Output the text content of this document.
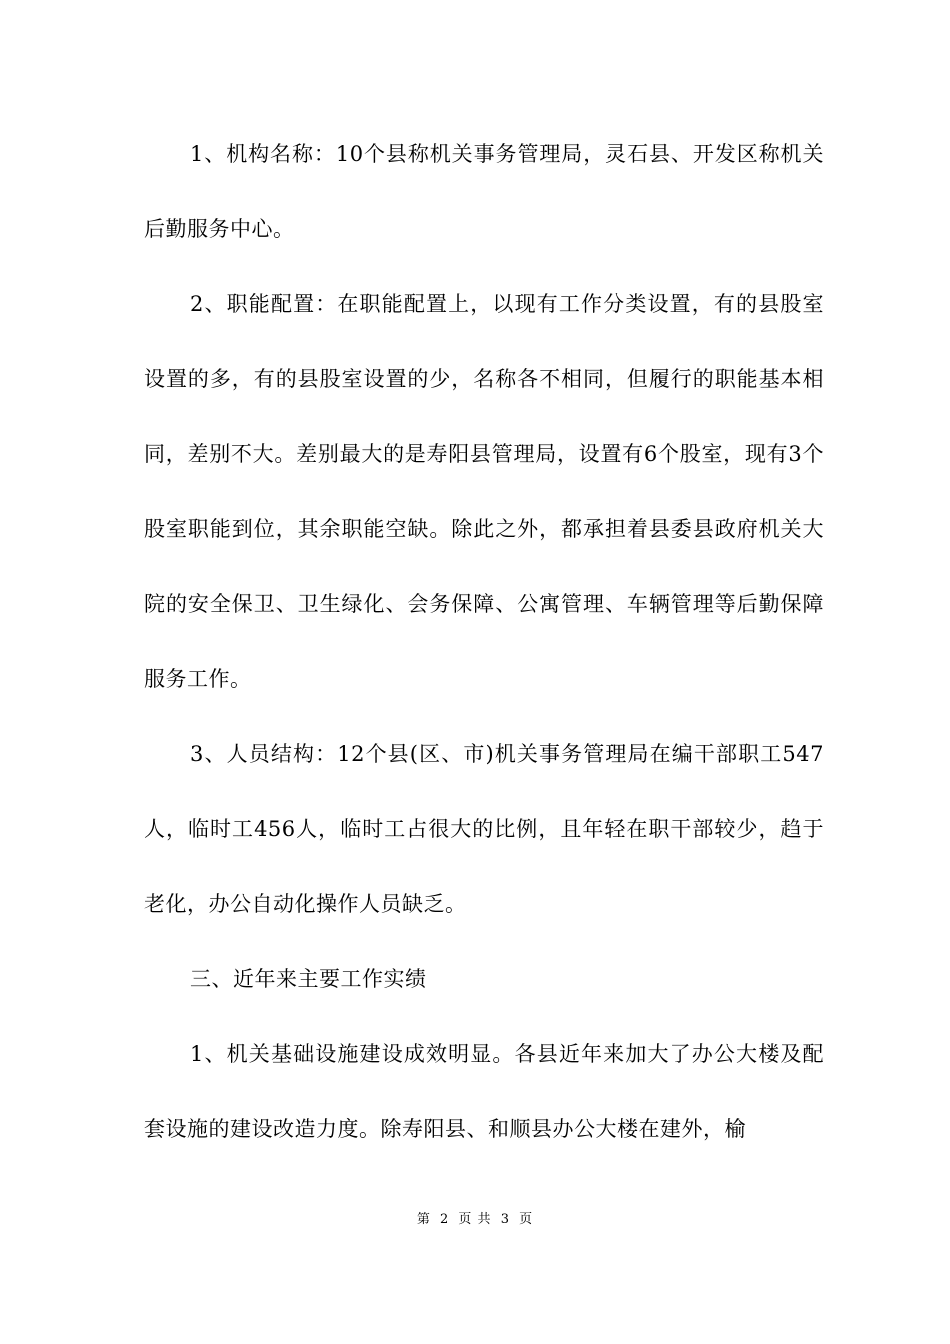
1、机构名称：10个县称机关事务管理局，灵石县、开发区称机关后勤服务中心。

2、职能配置：在职能配置上，以现有工作分类设置，有的县股室设置的多，有的县股室设置的少，名称各不相同，但履行的职能基本相同，差别不大。差别最大的是寿阳县管理局，设置有6个股室，现有3个股室职能到位，其余职能空缺。除此之外，都承担着县委县政府机关大院的安全保卫、卫生绿化、会务保障、公寓管理、车辆管理等后勤保障服务工作。

3、人员结构：12个县(区、市)机关事务管理局在编干部职工547人，临时工456人，临时工占很大的比例，且年轻在职干部较少，趋于老化，办公自动化操作人员缺乏。

三、近年来主要工作实绩

1、机关基础设施建设成效明显。各县近年来加大了办公大楼及配套设施的建设改造力度。除寿阳县、和顺县办公大楼在建外，榆

第 2 页 共 3 页
